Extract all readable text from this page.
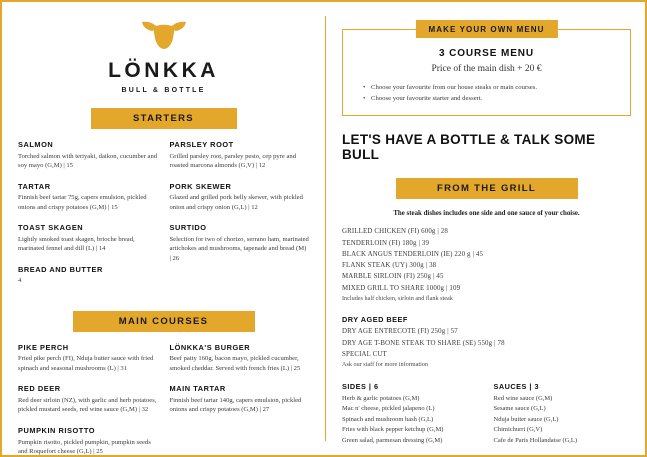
LÖNKKA
BULL & BOTTLE
STARTERS
SALMON
Torched salmon with teriyaki, daikon, cucumber and soy mayo (G,M) | 15
TARTAR
Finnish beef tartar 75g, capers emulsion, pickled onions and crispy potatoes (G,M) | 15
TOAST SKAGEN
Lightly smoked toast skagen, brioche bread, marinated fennel and dill (L) | 14
BREAD AND BUTTER
4
PARSLEY ROOT
Grilled parsley root, parsley pesto, cep pyre and roasted marcona almonds (G,V) | 12
PORK SKEWER
Glazed and grilled pork belly skewer, with pickled onion and crispy onion (G,L) | 12
SURTIDO
Selection for two of chorizo, serrano ham, marinated artichokes and mushrooms, tapenade and bread (M) | 26
MAIN COURSES
PIKE PERCH
Fried pike perch (FI), Nduja butter sauce with fried spinach and seasonal mushrooms (L) | 31
RED DEER
Red deer sirloin (NZ), with garlic and herb potatoes, pickled mustard seeds, red wine sauce (G,M) | 32
PUMPKIN RISOTTO
Pumpkin risotto, pickled pumpkin, pumpkin seeds and Roquefort cheese (G,L) | 25
LÖNKKA'S BURGER
Beef patty 160g, bacon mayo, pickled cucumber, smoked cheddar. Served with french fries (L) | 25
MAIN TARTAR
Finnish beef tartar 140g, capers emulsion, pickled onions and crispy potatoes (G,M) | 27
MAKE YOUR OWN MENU
3 COURSE MENU
Price of the main dish + 20 €
• Choose your favourite from our house steaks or main courses.
• Choose your favourite starter and dessert.
LET'S HAVE A BOTTLE & TALK SOME BULL
FROM THE GRILL
The steak dishes includes one side and one sauce of your choise.
GRILLED CHICKEN (FI) 600g | 28
TENDERLOIN (FI) 180g | 39
BLACK ANGUS TENDERLOIN (IE) 220 g | 45
FLANK STEAK (UY) 300g | 38
MARBLE SIRLOIN (FI) 250g | 45
MIXED GRILL TO SHARE 1000g | 109
Includes half chicken, sirloin and flank steak
DRY AGED BEEF
DRY AGE ENTRECOTE (FI) 250g | 57
DRY AGE T-BONE STEAK TO SHARE (SE) 550g | 78
SPECIAL CUT
Ask our staff for more information
SIDES | 6
Herb & garlic potatoes (G,M)
Mac n' cheese, pickled jalapeno (L)
Spinach and mushroom hash (G,L)
Fries with black pepper ketchup (G,M)
Green salad, parmesan dressing (G,M)
SAUCES | 3
Red wine sauce (G,M)
Sesame sauce (G,L)
Nduja butter sauce (G,L)
Chimichurri (G,V)
Cafe de Paris Hollandaise (G,L)
